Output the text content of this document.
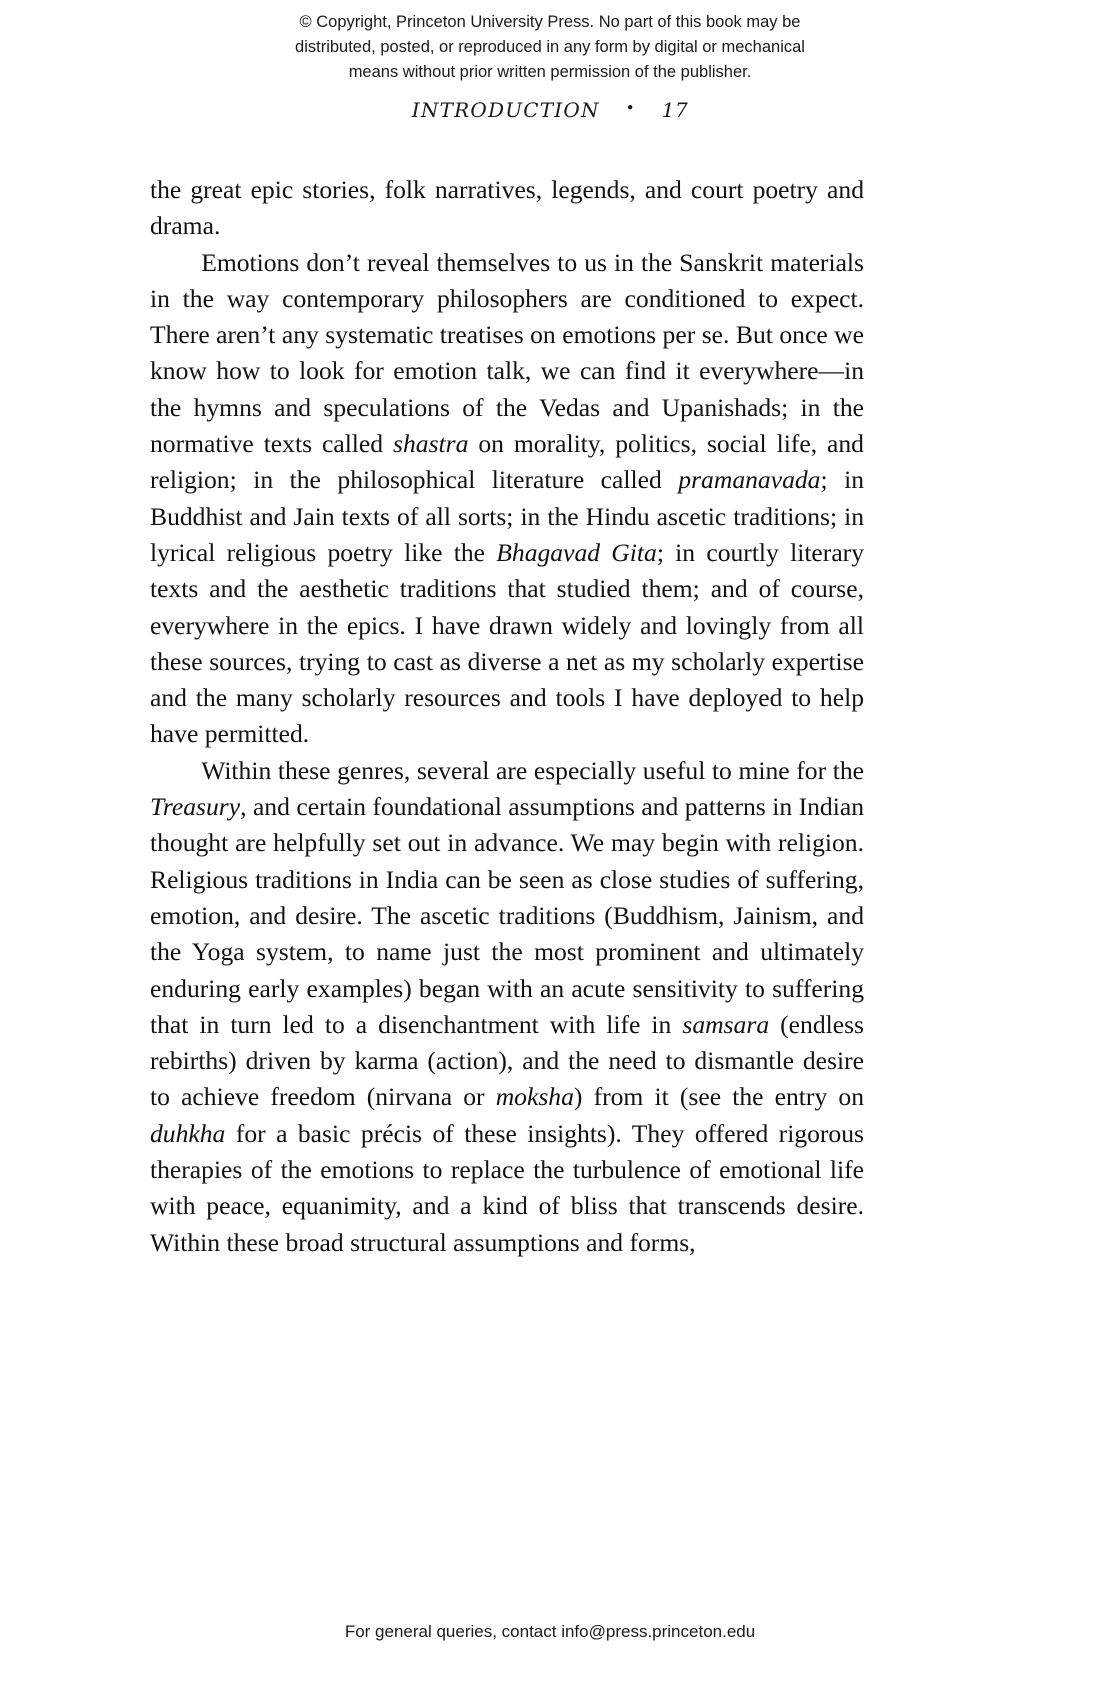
© Copyright, Princeton University Press. No part of this book may be
distributed, posted, or reproduced in any form by digital or mechanical
means without prior written permission of the publisher.
INTRODUCTION • 17

the great epic stories, folk narratives, legends, and court poetry and drama.

Emotions don’t reveal themselves to us in the Sanskrit materials in the way contemporary philosophers are conditioned to expect. There aren’t any systematic treatises on emotions per se. But once we know how to look for emotion talk, we can find it everywhere—in the hymns and speculations of the Vedas and Upanishads; in the normative texts called shastra on morality, politics, social life, and religion; in the philosophical literature called pramanavada; in Buddhist and Jain texts of all sorts; in the Hindu ascetic traditions; in lyrical religious poetry like the Bhagavad Gita; in courtly literary texts and the aesthetic traditions that studied them; and of course, everywhere in the epics. I have drawn widely and lovingly from all these sources, trying to cast as diverse a net as my scholarly expertise and the many scholarly resources and tools I have deployed to help have permitted.

Within these genres, several are especially useful to mine for the Treasury, and certain foundational assumptions and patterns in Indian thought are helpfully set out in advance. We may begin with religion. Religious traditions in India can be seen as close studies of suffering, emotion, and desire. The ascetic traditions (Buddhism, Jainism, and the Yoga system, to name just the most prominent and ultimately enduring early examples) began with an acute sensitivity to suffering that in turn led to a disenchantment with life in samsara (endless rebirths) driven by karma (action), and the need to dismantle desire to achieve freedom (nirvana or moksha) from it (see the entry on duhkha for a basic précis of these insights). They offered rigorous therapies of the emotions to replace the turbulence of emotional life with peace, equanimity, and a kind of bliss that transcends desire. Within these broad structural assumptions and forms,

For general queries, contact info@press.princeton.edu
